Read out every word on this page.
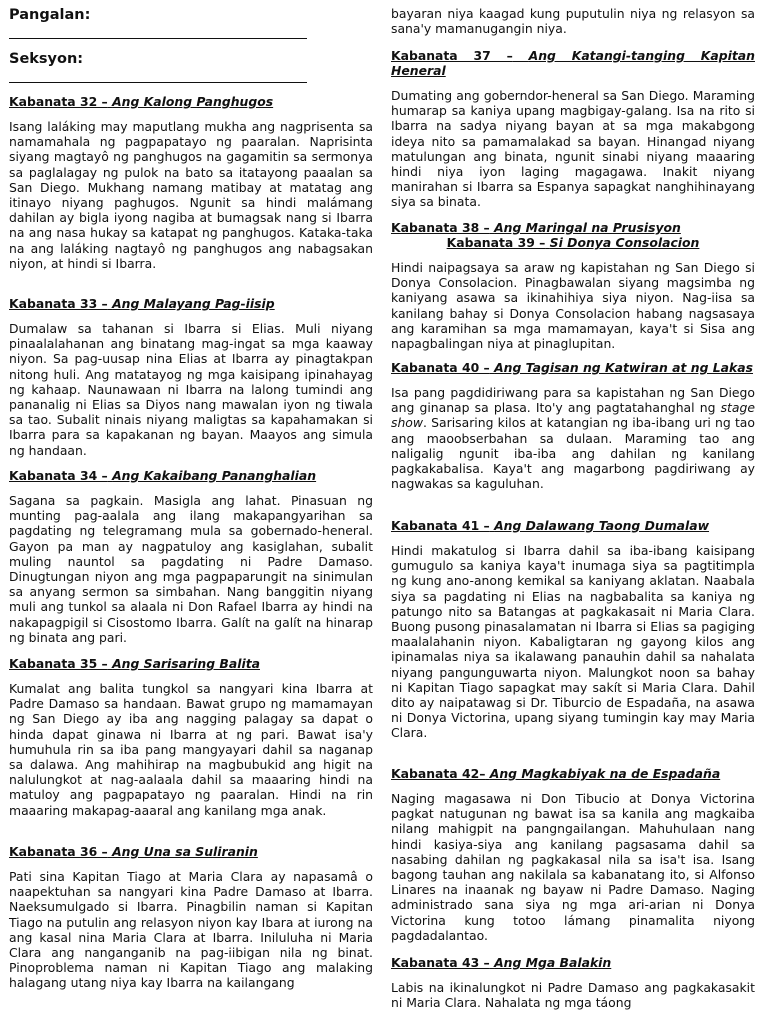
Pangalan:
Seksyon:
Kabanata 32 – Ang Kalong Panghugos

Isang laláking may maputlang mukha ang nagprisenta sa namamahala ng pagpapatayo ng paaralan. Naprisinta siyang magtayô ng panghugos na gagamitin sa sermonya sa paglalagay ng pulok na bato sa itatayong paaalan sa San Diego. Mukhang namang matibay at matatag ang itinayo niyang paghugos. Ngunit sa hindi malámang dahilan ay bigla iyong nagiba at bumagsak nang si Ibarra na ang nasa hukay sa katapat ng panghugos. Kataka-taka na ang laláking nagtayô ng panghugos ang nabagsakan niyon, at hindi si Ibarra.

Kabanata 33 – Ang Malayang Pag-iisip

Dumalaw sa tahanan si Ibarra si Elias. Muli niyang pinaalalahanan ang binatang mag-ingat sa mga kaaway niyon. Sa pag-uusap nina Elias at Ibarra ay pinagtakpan nitong huli. Ang matatayog ng mga kaisipang ipinahayag ng kahaap. Naunawaan ni Ibarra na lalong tumindi ang pananalig ni Elias sa Diyos nang mawalan iyon ng tiwala sa tao. Subalit ninais niyang maligtas sa kapahamakan si Ibarra para sa kapakanan ng bayan. Maayos ang simula ng handaan.

Kabanata 34 – Ang Kakaibang Pananghalian

Sagana sa pagkain. Masigla ang lahat. Pinasuan ng munting pag-aalala ang ilang makapangyarihan sa pagdating ng telegramang mula sa gobernado-heneral. Gayon pa man ay nagpatuloy ang kasiglahan, subalit muling nauntol sa pagdating ni Padre Damaso. Dinugtungan niyon ang mga pagpaparungit na sinimulan sa anyang sermon sa simbahan. Nang banggitin niyang muli ang tunkol sa alaala ni Don Rafael Ibarra ay hindi na nakapagpigil si Cisostomo Ibarra. Galít na galít na hinarap ng binata ang pari.

Kabanata 35 – Ang Sarisaring Balita

Kumalat ang balita tungkol sa nangyari kina Ibarra at Padre Damaso sa handaan. Bawat grupo ng mamamayan ng San Diego ay iba ang nagging palagay sa dapat o hinda dapat ginawa ni Ibarra at ng pari. Bawat isa'y humuhula rin sa iba pang mangyayari dahil sa naganap sa dalawa. Ang mahihirap na magbubukid ang higit na nalulungkot at nag-aalaala dahil sa maaaring hindi na matuloy ang pagpapatayo ng paaralan. Hindi na rin maaaring makapag-aaaral ang kanilang mga anak.

Kabanata 36 – Ang Una sa Suliranin

Pati sina Kapitan Tiago at Maria Clara ay napasamâ o naapektuhan sa nangyari kina Padre Damaso at Ibarra. Naeksumulgado si Ibarra. Pinagbilin naman si Kapitan Tiago na putulin ang relasyon niyon kay Ibara at iurong na ang kasal nina Maria Clara at Ibarra. Iniluluha ni Maria Clara ang nanganganib na pag-iibigan nila ng binat. Pinoproblema naman ni Kapitan Tiago ang malaking halagang utang niya kay Ibarra na kailangang

bayaran niya kaagad kung puputulin niya ng relasyon sa sana'y mamanugangin niya.

Kabanata 37 – Ang Katangi-tanging Kapitan Heneral

Dumating ang goberndor-heneral sa San Diego. Maraming humarap sa kaniya upang magbigay-galang. Isa na rito si Ibarra na sadya niyang bayan at sa mga makabgong ideya nito sa pamamalakad sa bayan. Hinangad niyang matulungan ang binata, ngunit sinabi niyang maaaring hindi niya iyon laging magagawa. Inakit niyang manirahan si Ibarra sa Espanya sapagkat nanghihinayang siya sa binata.

Kabanata 38 – Ang Maringal na Prusisyon
Kabanata 39 – Si Donya Consolacion

Hindi naipagsaya sa araw ng kapistahan ng San Diego si Donya Consolacion. Pinagbawalan siyang magsimba ng kaniyang asawa sa ikinahihiya siya niyon. Nag-iisa sa kanilang bahay si Donya Consolacion habang nagsasaya ang karamihan sa mga mamamayan, kaya't si Sisa ang napagbalingan niya at pinaglupitan.

Kabanata 40 – Ang Tagisan ng Katwiran at ng Lakas

Isa pang pagdidiriwang para sa kapistahan ng San Diego ang ginanap sa plasa. Ito'y ang pagtatahanghal ng stage show. Sarisaring kilos at katangian ng iba-ibang uri ng tao ang maoobserbahan sa dulaan. Maraming tao ang naligalig ngunit iba-iba ang dahilan ng kanilang pagkakabalisa. Kaya't ang magarbong pagdiriwang ay nagwakas sa kaguluhan.

Kabanata 41 – Ang Dalawang Taong Dumalaw

Hindi makatulog si Ibarra dahil sa iba-ibang kaisipang gumugulo sa kaniya kaya't inumaga siya sa pagtitimpla ng kung ano-anong kemikal sa kaniyang aklatan. Naabala siya sa pagdating ni Elias na nagbabalita sa kaniya ng patungo nito sa Batangas at pagkakasait ni Maria Clara. Buong pusong pinasalamatan ni Ibarra si Elias sa pagiging maalalahanin niyon. Kabaligtaran ng gayong kilos ang ipinamalas niya sa ikalawang panauhin dahil sa nahalata niyang pangunguwarta niyon. Malungkot noon sa bahay ni Kapitan Tiago sapagkat may sakít si Maria Clara. Dahil dito ay naipatawag si Dr. Tiburcio de Espadaña, na asawa ni Donya Victorina, upang siyang tumingin kay may Maria Clara.

Kabanata 42– Ang Magkabiyak na de Espadaña

Naging magasawa ni Don Tibucio at Donya Victorina pagkat natugunan ng bawat isa sa kanila ang magkaiba nilang mahigpit na pangngailangan. Mahuhulaan nang hindi kasiya-siya ang kanilang pagsasama dahil sa nasabing dahilan ng pagkakasal nila sa isa't isa. Isang bagong tauhan ang nakilala sa kabanatang ito, si Alfonso Linares na inaanak ng bayaw ni Padre Damaso. Naging administrado sana siya ng mga ari-arian ni Donya Victorina kung totoo lámang pinamalita niyong pagdadalantao.

Kabanata 43 – Ang Mga Balakin

Labis na ikinalungkot ni Padre Damaso ang pagkakasakit ni Maria Clara. Nahalata ng mga táong
